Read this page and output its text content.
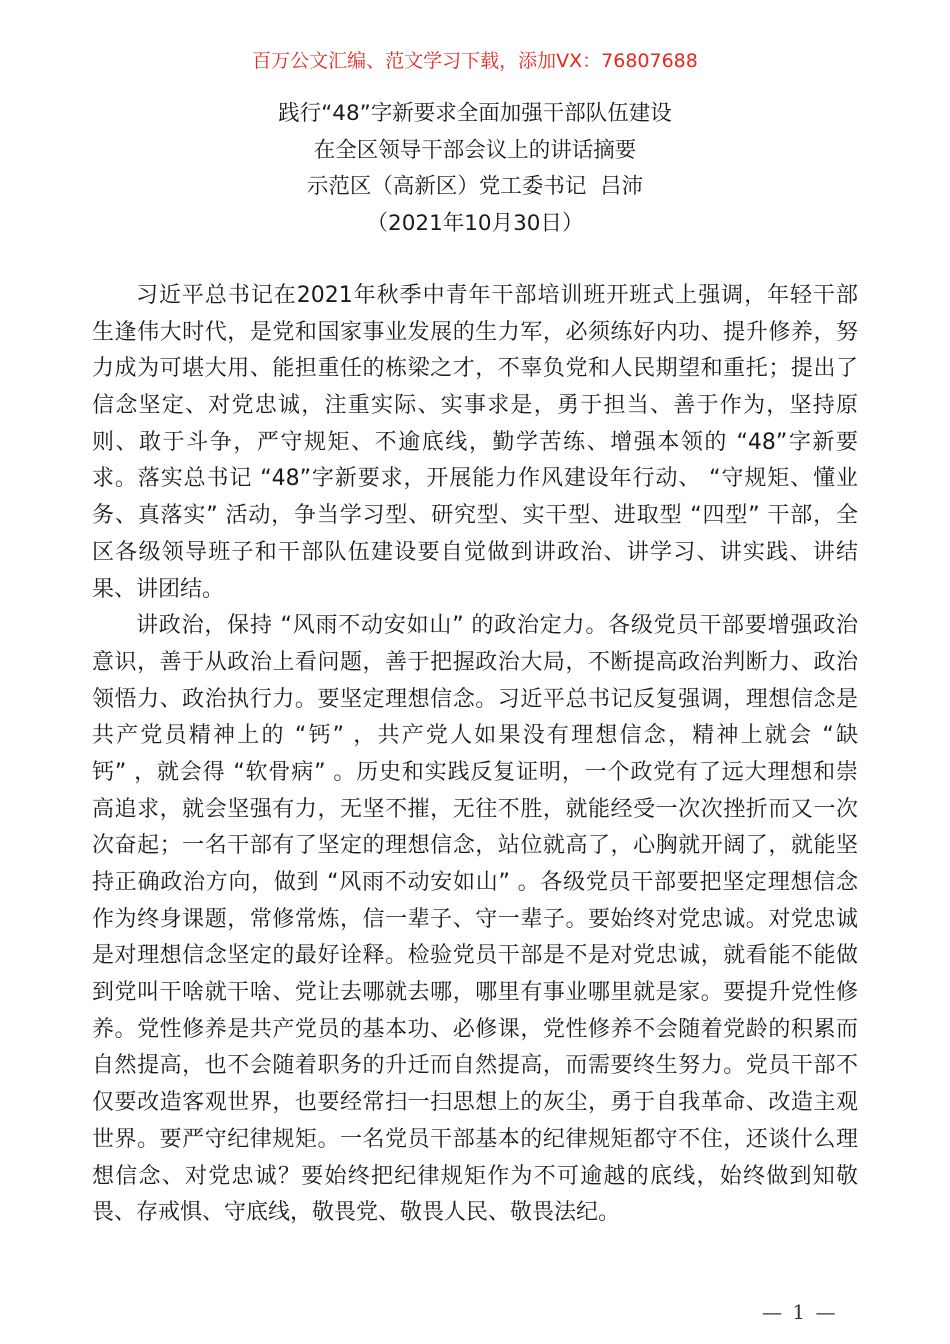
百万公文汇编、范文学习下载，添加VX：76807688
践行“48”字新要求全面加强干部队伍建设
在全区领导干部会议上的讲话摘要
示范区（高新区）党工委书记  吕沛
（2021年10月30日）
习近平总书记在2021年秋季中青年干部培训班开班式上强调，年轻干部
生逢伟大时代，是党和国家事业发展的生力军，必须练好内功、提升修养，努
力成为可堪大用、能担重任的栋梁之才，不辜负党和人民期望和重托；提出了
信念坚定、对党忠诚，注重实际、实事求是，勇于担当、善于作为，坚持原
则、敢于斗争，严守规矩、不逾底线，勤学苦练、增强本领的 “48”字新要
求。落实总书记 “48”字新要求，开展能力作风建设年行动、 “守规矩、懂业
务、真落实” 活动，争当学习型、研究型、实干型、进取型 “四型” 干部，全
区各级领导班子和干部队伍建设要自觉做到讲政治、讲学习、讲实践、讲结
果、讲团结。
讲政治，保持 “风雨不动安如山” 的政治定力。各级党员干部要增强政治
意识，善于从政治上看问题，善于把握政治大局，不断提高政治判断力、政治
领悟力、政治执行力。要坚定理想信念。习近平总书记反复强调，理想信念是
共产党员精神上的 “钙” ，共产党人如果没有理想信念，精神上就会 “缺
钙” ，就会得 “软骨病” 。历史和实践反复证明，一个政党有了远大理想和崇
高追求，就会坚强有力，无坚不摧，无往不胜，就能经受一次次挫折而又一次
次奋起；一名干部有了坚定的理想信念，站位就高了，心胸就开阔了，就能坚
持正确政治方向，做到 “风雨不动安如山” 。各级党员干部要把坚定理想信念
作为终身课题，常修常炼，信一辈子、守一辈子。要始终对党忠诚。对党忠诚
是对理想信念坚定的最好诠释。检验党员干部是不是对党忠诚，就看能不能做
到党叫干啥就干啥、党让去哪就去哪，哪里有事业哪里就是家。要提升党性修
养。党性修养是共产党员的基本功、必修课，党性修养不会随着党龄的积累而
自然提高，也不会随着职务的升迁而自然提高，而需要终生努力。党员干部不
仅要改造客观世界，也要经常扫一扫思想上的灰尘，勇于自我革命、改造主观
世界。要严守纪律规矩。一名党员干部基本的纪律规矩都守不住，还谈什么理
想信念、对党忠诚？要始终把纪律规矩作为不可逾越的底线，始终做到知敬
畏、存戒惧、守底线，敬畏党、敬畏人民、敬畏法纪。
— 1 —
